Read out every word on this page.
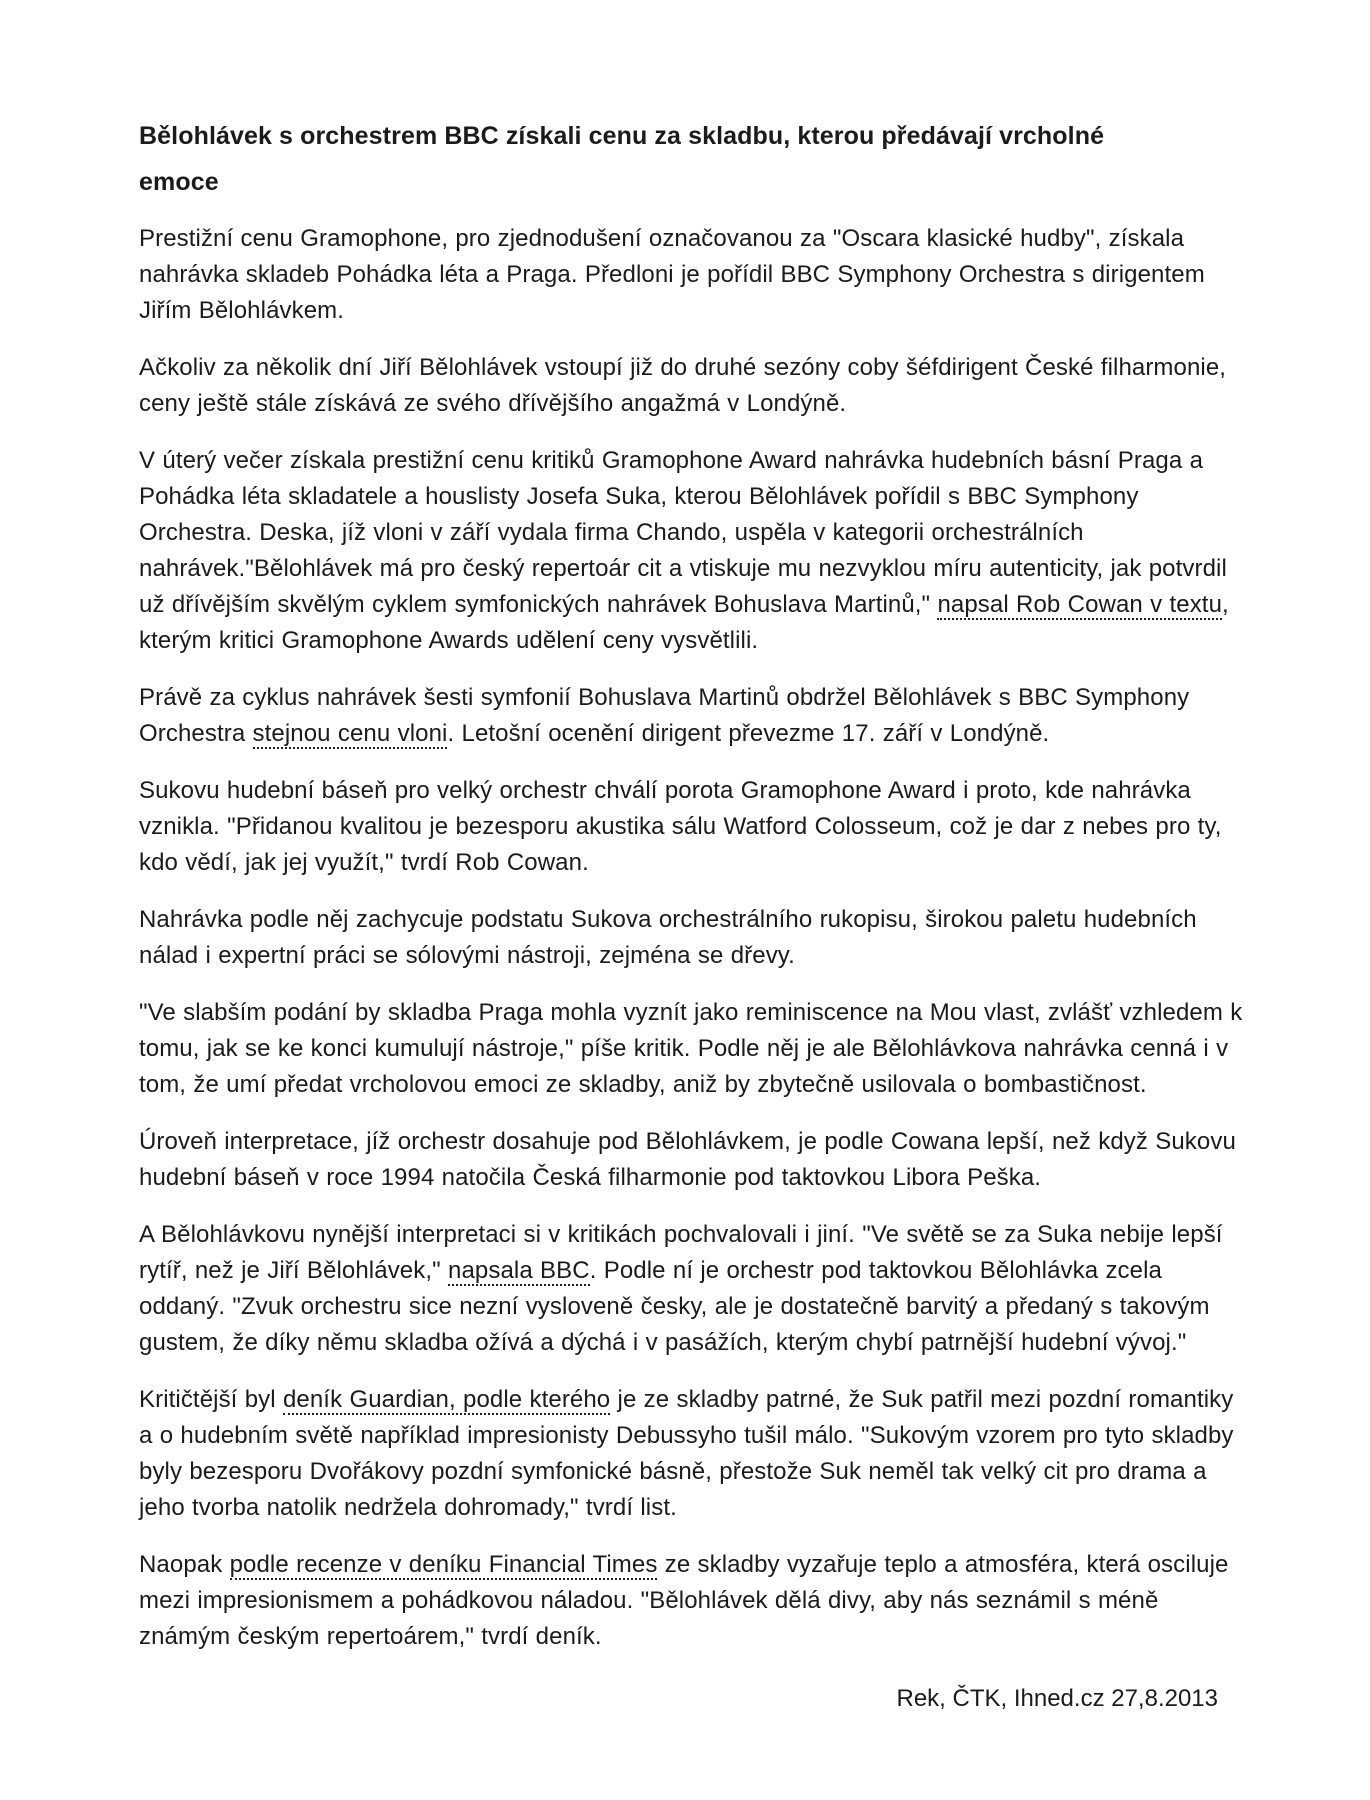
Bělohlávek s orchestrem BBC získali cenu za skladbu, kterou předávají vrcholné emoce

Prestižní cenu Gramophone, pro zjednodušení označovanou za "Oscara klasické hudby", získala nahrávka skladeb Pohádka léta a Praga. Předloni je pořídil BBC Symphony Orchestra s dirigentem Jiřím Bělohlávkem.

Ačkoliv za několik dní Jiří Bělohlávek vstoupí již do druhé sezóny coby šéfdirigent České filharmonie, ceny ještě stále získává ze svého dřívějšího angažmá v Londýně.

V úterý večer získala prestižní cenu kritiků Gramophone Award nahrávka hudebních básní Praga a Pohádka léta skladatele a houslisty Josefa Suka, kterou Bělohlávek pořídil s BBC Symphony Orchestra. Deska, jíž vloni v září vydala firma Chando, uspěla v kategorii orchestrálních nahrávek."Bělohlávek má pro český repertoár cit a vtiskuje mu nezvyklou míru autenticity, jak potvrdil už dřívějším skvělým cyklem symfonických nahrávek Bohuslava Martinů," napsal Rob Cowan v textu, kterým kritici Gramophone Awards udělení ceny vysvětlili.

Právě za cyklus nahrávek šesti symfonií Bohuslava Martinů obdržel Bělohlávek s BBC Symphony Orchestra stejnou cenu vloni. Letošní ocenění dirigent převezme 17. září v Londýně.

Sukovu hudební báseň pro velký orchestr chválí porota Gramophone Award i proto, kde nahrávka vznikla. "Přidanou kvalitou je bezesporu akustika sálu Watford Colosseum, což je dar z nebes pro ty, kdo vědí, jak jej využít," tvrdí Rob Cowan.

Nahrávka podle něj zachycuje podstatu Sukova orchestrálního rukopisu, širokou paletu hudebních nálad i expertní práci se sólovými nástroji, zejména se dřevy.

"Ve slabším podání by skladba Praga mohla vyznít jako reminiscence na Mou vlast, zvlášť vzhledem k tomu, jak se ke konci kumulují nástroje," píše kritik. Podle něj je ale Bělohlávkova nahrávka cenná i v tom, že umí předat vrcholovou emoci ze skladby, aniž by zbytečně usilovala o bombastičnost.

Úroveň interpretace, jíž orchestr dosahuje pod Bělohlávkem, je podle Cowana lepší, než když Sukovu hudební báseň v roce 1994 natočila Česká filharmonie pod taktovkou Libora Peška.

A Bělohlávkovu nynější interpretaci si v kritikách pochvalovali i jiní. "Ve světě se za Suka nebije lepší rytíř, než je Jiří Bělohlávek," napsala BBC. Podle ní je orchestr pod taktovkou Bělohlávka zcela oddaný. "Zvuk orchestru sice nezní vysloveně česky, ale je dostatečně barvitý a předaný s takovým gustem, že díky němu skladba ožívá a dýchá i v pasážích, kterým chybí patrnější hudební vývoj."

Kritičtější byl deník Guardian, podle kterého je ze skladby patrné, že Suk patřil mezi pozdní romantiky a o hudebním světě například impresionisty Debussyho tušil málo. "Sukovým vzorem pro tyto skladby byly bezesporu Dvořákovy pozdní symfonické básně, přestože Suk neměl tak velký cit pro drama a jeho tvorba natolik nedržela dohromady," tvrdí list.

Naopak podle recenze v deníku Financial Times ze skladby vyzařuje teplo a atmosféra, která osciluje mezi impresionismem a pohádkovou náladou. "Bělohlávek dělá divy, aby nás seznámil s méně známým českým repertoárem," tvrdí deník.

Rek, ČTK, Ihned.cz 27,8.2013
